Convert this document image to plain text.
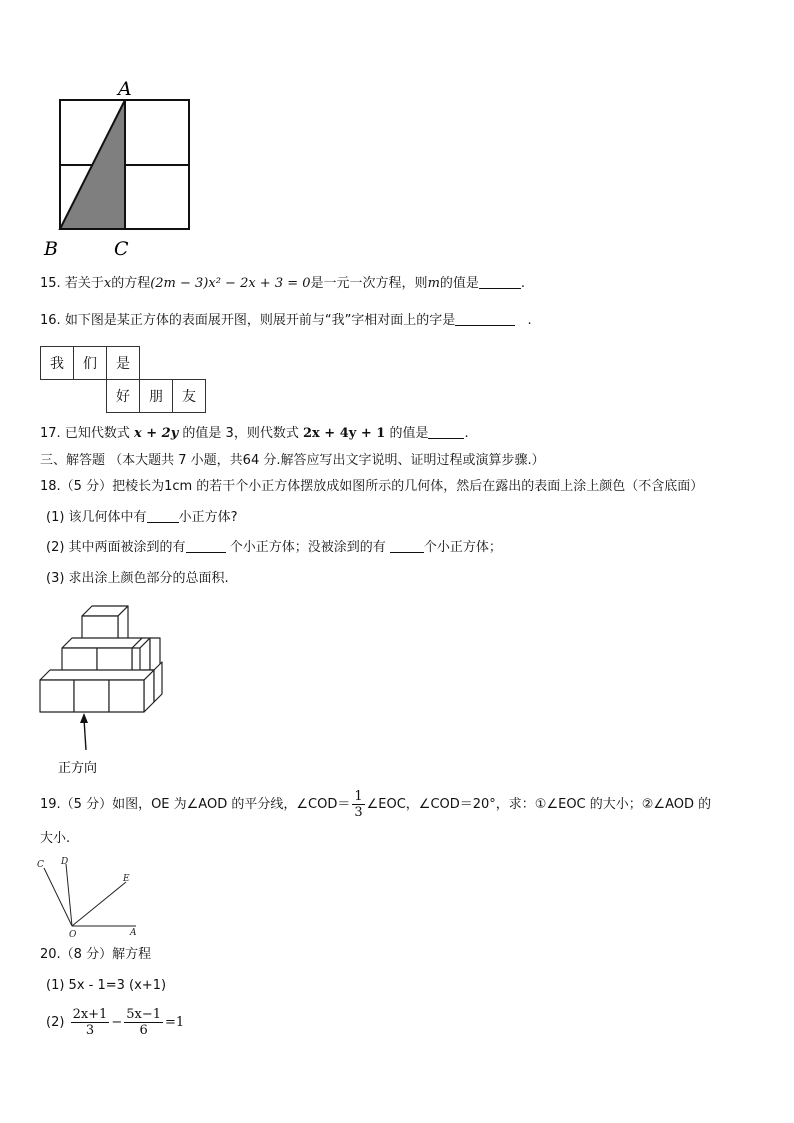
A
B	C
15. 若关于x的方程(2m − 3)x² − 2x + 3 = 0是一元一次方程，则m的值是	.
16. 如下图是某正方体的表面展开图，则展开前与“我”字相对面上的字是	.
我	们	是		
		好	朋	友
17. 已知代数式 x + 2y 的值是 3，则代数式 2x + 4y + 1 的值是	.
三、解答题 （本大题共 7 小题，共64 分.解答应写出文字说明、证明过程或演算步骤.）
18.（5 分）把棱长为1cm 的若干个小正方体摆放成如图所示的几何体，然后在露出的表面上涂上颜色（不含底面）
(1) 该几何体中有 小正方体?
(2) 其中两面被涂到的有	个小正方体；没被涂到的有	个小正方体；
(3) 求出涂上颜色部分的总面积.
正方向
19.（5 分）如图，OE 为∠AOD 的平分线，∠COD＝ $\frac{1}{3}$ ∠EOC，∠COD＝20°，求：①∠EOC 的大小；②∠AOD 的
大小.
C D
E
O	A
20.（8 分）解方程
(1) 5x - 1=3 (x+1)
$(2) \frac{2x+1}{3} - \frac{5x-1}{6} =1$
